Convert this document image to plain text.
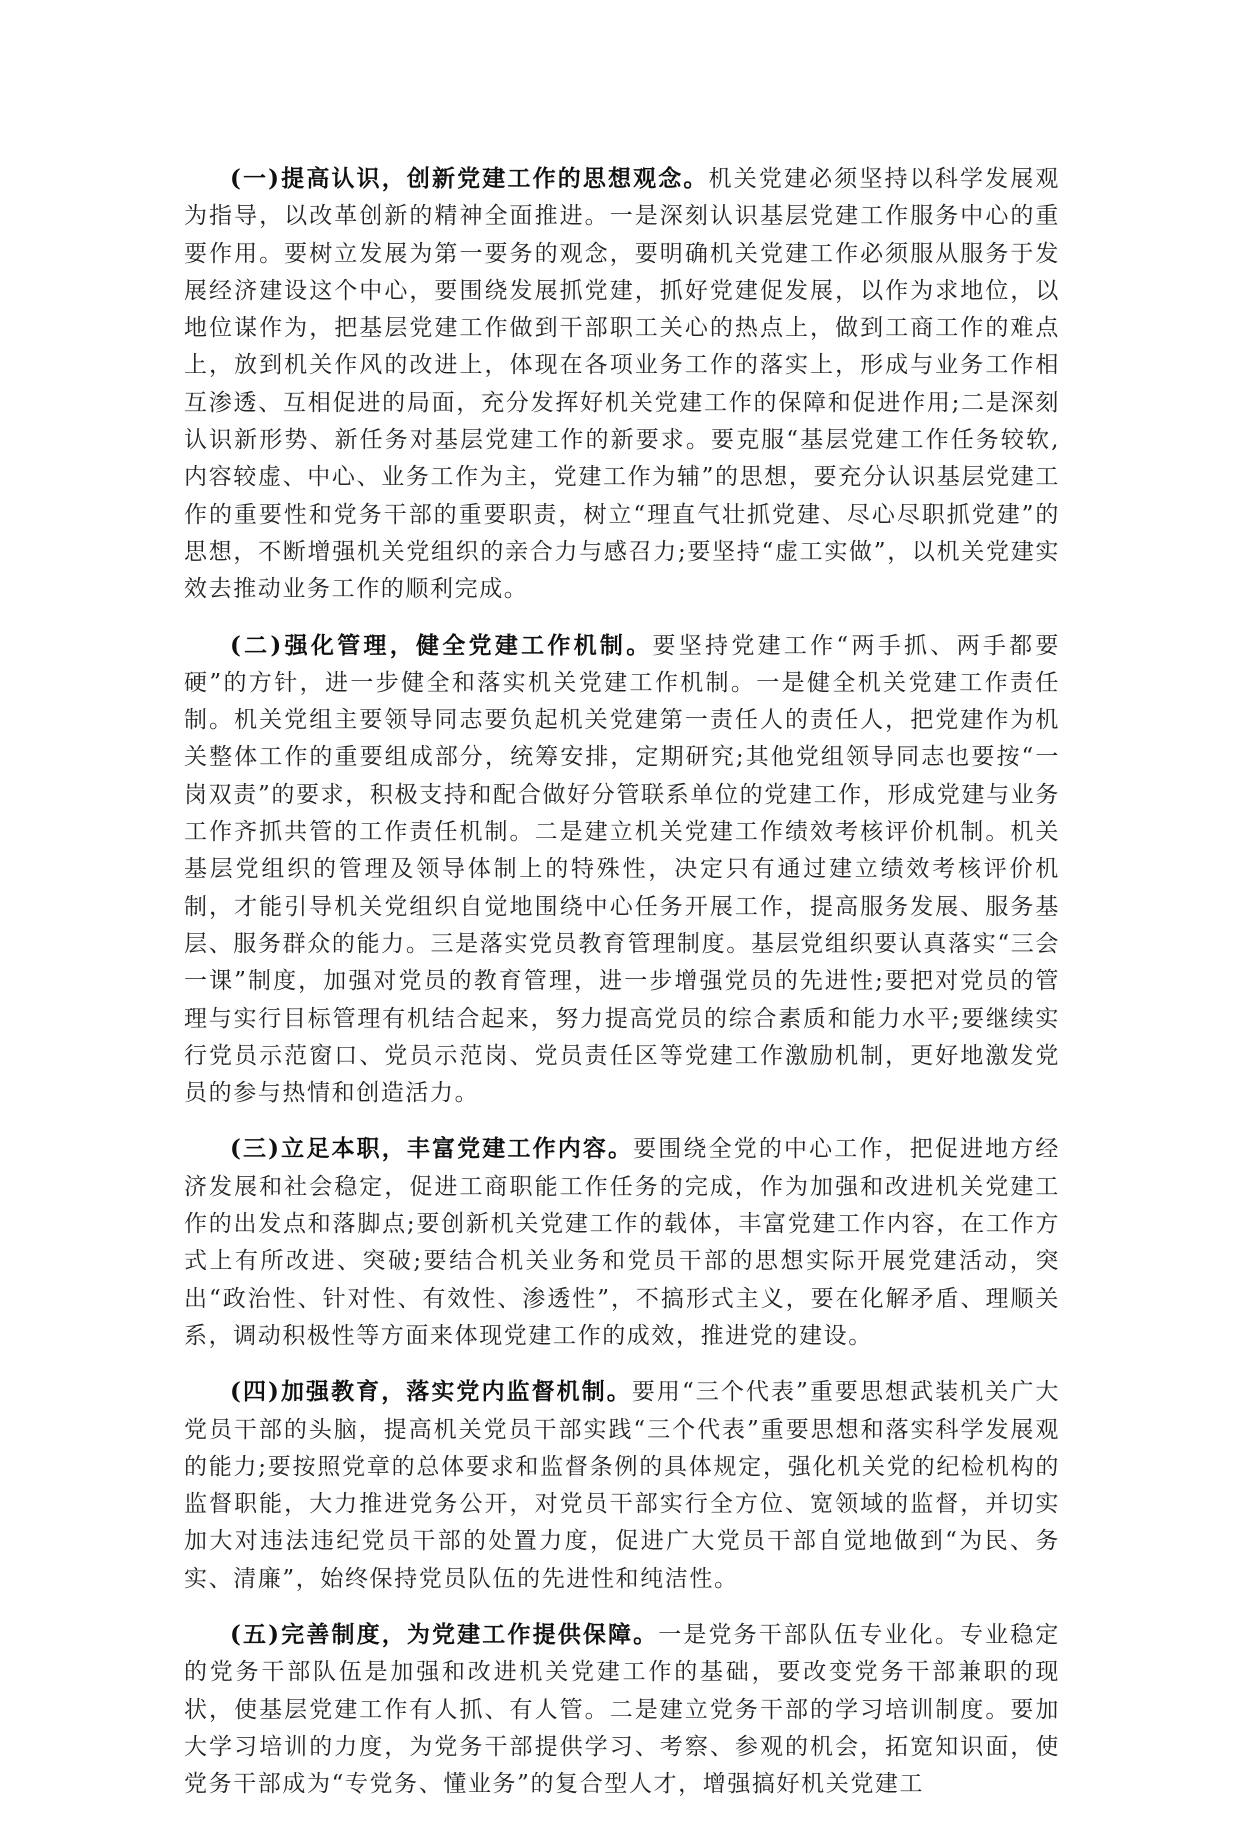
(一)提高认识，创新党建工作的思想观念。机关党建必须坚持以科学发展观为指导，以改革创新的精神全面推进。一是深刻认识基层党建工作服务中心的重要作用。要树立发展为第一要务的观念，要明确机关党建工作必须服从服务于发展经济建设这个中心，要围绕发展抓党建，抓好党建促发展，以作为求地位，以地位谋作为，把基层党建工作做到干部职工关心的热点上，做到工商工作的难点上，放到机关作风的改进上，体现在各项业务工作的落实上，形成与业务工作相互渗透、互相促进的局面，充分发挥好机关党建工作的保障和促进作用;二是深刻认识新形势、新任务对基层党建工作的新要求。要克服“基层党建工作任务较软,内容较虚、中心、业务工作为主，党建工作为辅”的思想，要充分认识基层党建工作的重要性和党务干部的重要职责，树立“理直气壮抓党建、尽心尽职抓党建”的思想，不断增强机关党组织的亲合力与感召力;要坚持“虚工实做”，以机关党建实效去推动业务工作的顺利完成。

(二)强化管理，健全党建工作机制。要坚持党建工作“两手抓、两手都要硬”的方针，进一步健全和落实机关党建工作机制。一是健全机关党建工作责任制。机关党组主要领导同志要负起机关党建第一责任人的责任人，把党建作为机关整体工作的重要组成部分，统筹安排，定期研究;其他党组领导同志也要按“一岗双责”的要求，积极支持和配合做好分管联系单位的党建工作，形成党建与业务工作齐抓共管的工作责任机制。二是建立机关党建工作绩效考核评价机制。机关基层党组织的管理及领导体制上的特殊性，决定只有通过建立绩效考核评价机制，才能引导机关党组织自觉地围绕中心任务开展工作，提高服务发展、服务基层、服务群众的能力。三是落实党员教育管理制度。基层党组织要认真落实“三会一课”制度，加强对党员的教育管理，进一步增强党员的先进性;要把对党员的管理与实行目标管理有机结合起来，努力提高党员的综合素质和能力水平;要继续实行党员示范窗口、党员示范岗、党员责任区等党建工作激励机制，更好地激发党员的参与热情和创造活力。

(三)立足本职，丰富党建工作内容。要围绕全党的中心工作，把促进地方经济发展和社会稳定，促进工商职能工作任务的完成，作为加强和改进机关党建工作的出发点和落脚点;要创新机关党建工作的载体，丰富党建工作内容，在工作方式上有所改进、突破;要结合机关业务和党员干部的思想实际开展党建活动，突出“政治性、针对性、有效性、渗透性”，不搞形式主义，要在化解矛盾、理顺关系，调动积极性等方面来体现党建工作的成效，推进党的建设。

(四)加强教育，落实党内监督机制。要用“三个代表”重要思想武装机关广大党员干部的头脑，提高机关党员干部实践“三个代表”重要思想和落实科学发展观的能力;要按照党章的总体要求和监督条例的具体规定，强化机关党的纪检机构的监督职能，大力推进党务公开，对党员干部实行全方位、宽领域的监督，并切实加大对违法违纪党员干部的处置力度，促进广大党员干部自觉地做到“为民、务实、清廉”，始终保持党员队伍的先进性和纯洁性。

(五)完善制度，为党建工作提供保障。一是党务干部队伍专业化。专业稳定的党务干部队伍是加强和改进机关党建工作的基础，要改变党务干部兼职的现状，使基层党建工作有人抓、有人管。二是建立党务干部的学习培训制度。要加大学习培训的力度，为党务干部提供学习、考察、参观的机会，拓宽知识面，使党务干部成为“专党务、懂业务”的复合型人才，增强搞好机关党建工
